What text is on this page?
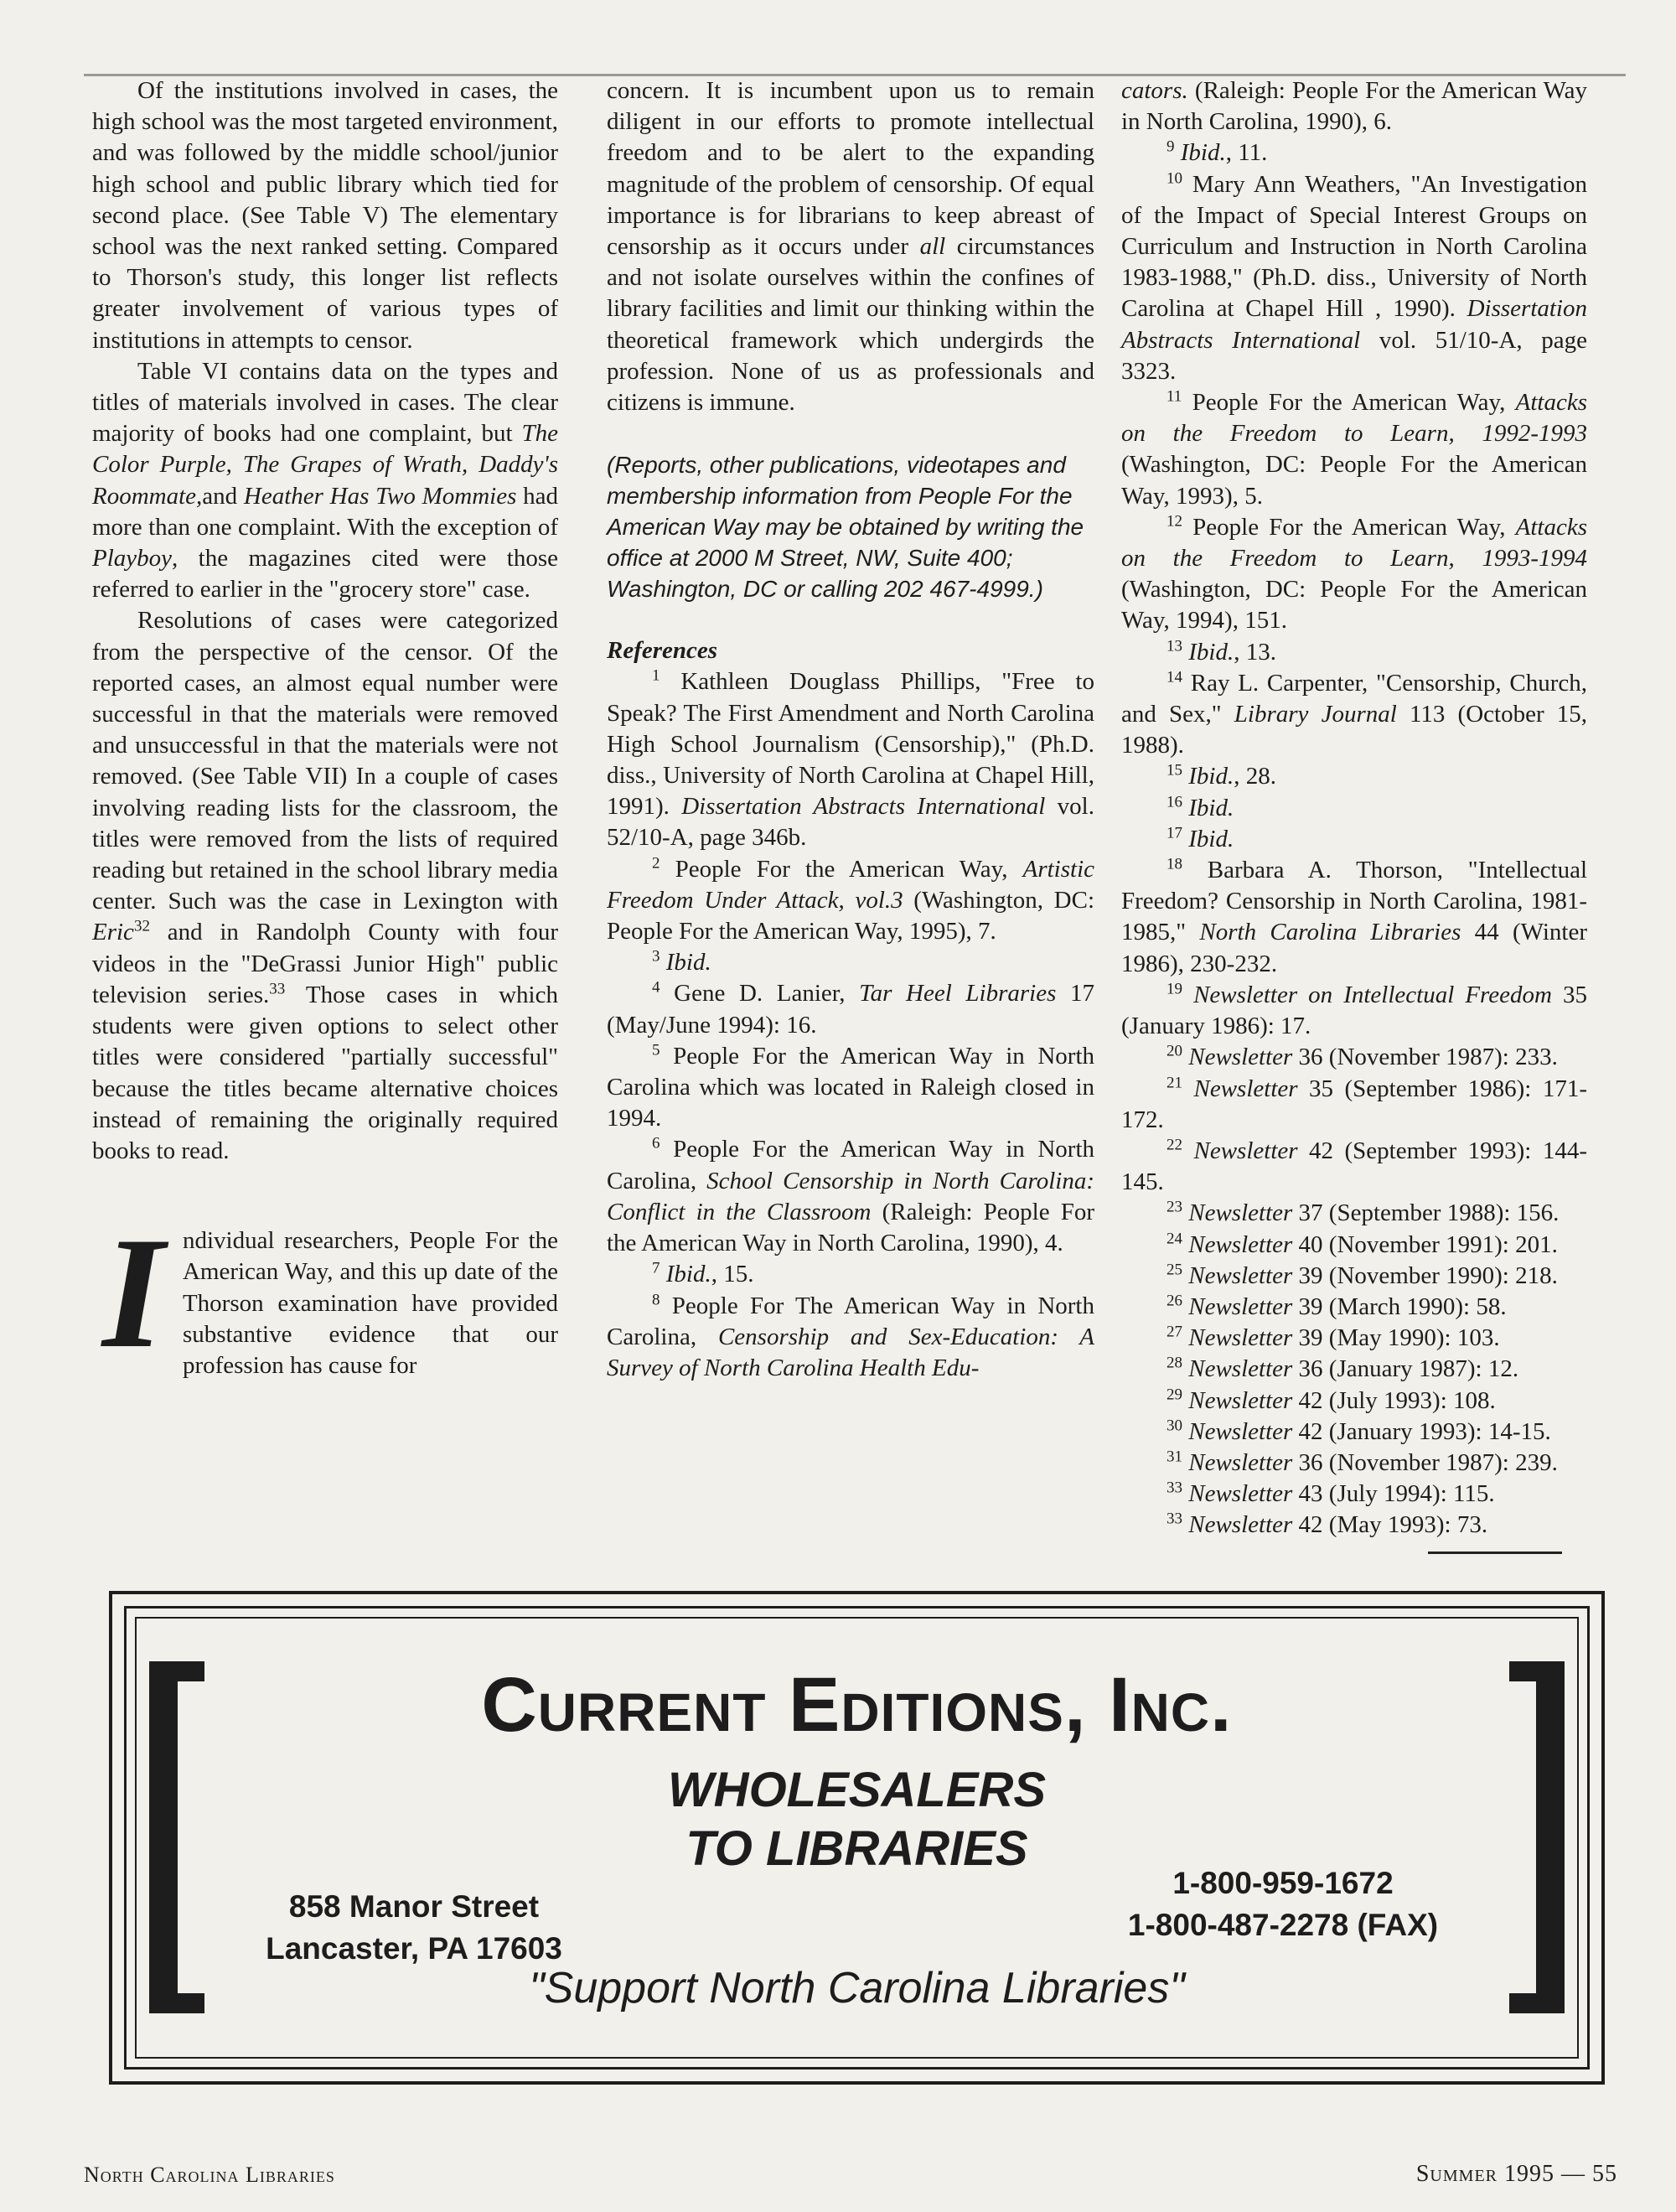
Of the institutions involved in cases, the high school was the most targeted environment, and was followed by the middle school/junior high school and public library which tied for second place. (See Table V) The elementary school was the next ranked setting. Compared to Thorson's study, this longer list reflects greater involvement of various types of institutions in attempts to censor.

Table VI contains data on the types and titles of materials involved in cases. The clear majority of books had one complaint, but The Color Purple, The Grapes of Wrath, Daddy's Roommate,and Heather Has Two Mommies had more than one complaint. With the exception of Playboy, the magazines cited were those referred to earlier in the "grocery store" case.

Resolutions of cases were categorized from the perspective of the censor. Of the reported cases, an almost equal number were successful in that the materials were removed and unsuccessful in that the materials were not removed. (See Table VII) In a couple of cases involving reading lists for the classroom, the titles were removed from the lists of required reading but retained in the school library media center. Such was the case in Lexington with Eric$^{32}$ and in Randolph County with four videos in the "DeGrassi Junior High" public television series.$^{33}$ Those cases in which students were given options to select other titles were considered "partially successful" because the titles became alternative choices instead of remaining the originally required books to read.

Individual researchers, People For the American Way, and this up date of the Thorson examination have provided substantive evidence that our profession has cause for

concern. It is incumbent upon us to remain diligent in our efforts to promote intellectual freedom and to be alert to the expanding magnitude of the problem of censorship. Of equal importance is for librarians to keep abreast of censorship as it occurs under all circumstances and not isolate ourselves within the confines of library facilities and limit our thinking within the theoretical framework which undergirds the profession. None of us as professionals and citizens is immune.

(Reports, other publications, videotapes and membership information from People For the American Way may be obtained by writing the office at 2000 M Street, NW, Suite 400; Washington, DC or calling 202 467-4999.)

References

$^1$ Kathleen Douglass Phillips, "Free to Speak? The First Amendment and North Carolina High School Journalism (Censorship)," (Ph.D. diss., University of North Carolina at Chapel Hill, 1991). Dissertation Abstracts International vol. 52/10-A, page 346b.

$^2$ People For the American Way, Artistic Freedom Under Attack, vol.3 (Washington, DC: People For the American Way, 1995), 7.

$^3$ Ibid.

$^4$ Gene D. Lanier, Tar Heel Libraries 17 (May/June 1994): 16.

$^5$ People For the American Way in North Carolina which was located in Raleigh closed in 1994.

$^6$ People For the American Way in North Carolina, School Censorship in North Carolina: Conflict in the Classroom (Raleigh: People For the American Way in North Carolina, 1990), 4.

$^7$ Ibid., 15.

$^8$ People For The American Way in North Carolina, Censorship and Sex-Education: A Survey of North Carolina Health Edu-

cators. (Raleigh: People For the American Way in North Carolina, 1990), 6.

$^9$ Ibid., 11.

$^{10}$ Mary Ann Weathers, "An Investigation of the Impact of Special Interest Groups on Curriculum and Instruction in North Carolina 1983-1988," (Ph.D. diss., University of North Carolina at Chapel Hill , 1990). Dissertation Abstracts International vol. 51/10-A, page 3323.

$^{11}$ People For the American Way, Attacks on the Freedom to Learn, 1992-1993 (Washington, DC: People For the American Way, 1993), 5.

$^{12}$ People For the American Way, Attacks on the Freedom to Learn, 1993-1994 (Washington, DC: People For the American Way, 1994), 151.

$^{13}$ Ibid., 13.

$^{14}$ Ray L. Carpenter, "Censorship, Church, and Sex," Library Journal 113 (October 15, 1988).

$^{15}$ Ibid., 28.

$^{16}$ Ibid.

$^{17}$ Ibid.

$^{18}$ Barbara A. Thorson, "Intellectual Freedom? Censorship in North Carolina, 1981-1985," North Carolina Libraries 44 (Winter 1986), 230-232.

$^{19}$ Newsletter on Intellectual Freedom 35 (January 1986): 17.

$^{20}$ Newsletter 36 (November 1987): 233.

$^{21}$ Newsletter 35 (September 1986): 171-172.

$^{22}$ Newsletter 42 (September 1993): 144-145.

$^{23}$ Newsletter 37 (September 1988): 156.

$^{24}$ Newsletter 40 (November 1991): 201.

$^{25}$ Newsletter 39 (November 1990): 218.

$^{26}$ Newsletter 39 (March 1990): 58.

$^{27}$ Newsletter 39 (May 1990): 103.

$^{28}$ Newsletter 36 (January 1987): 12.

$^{29}$ Newsletter 42 (July 1993): 108.

$^{30}$ Newsletter 42 (January 1993): 14-15.

$^{31}$ Newsletter 36 (November 1987): 239.

$^{33}$ Newsletter 43 (July 1994): 115.

$^{33}$ Newsletter 42 (May 1993): 73.

Current Editions, Inc.
WHOLESALERS
TO LIBRARIES
858 Manor Street
Lancaster, PA 17603
1-800-959-1672
1-800-487-2278 (FAX)
"Support North Carolina Libraries"
North Carolina Libraries	Summer 1995 — 55
